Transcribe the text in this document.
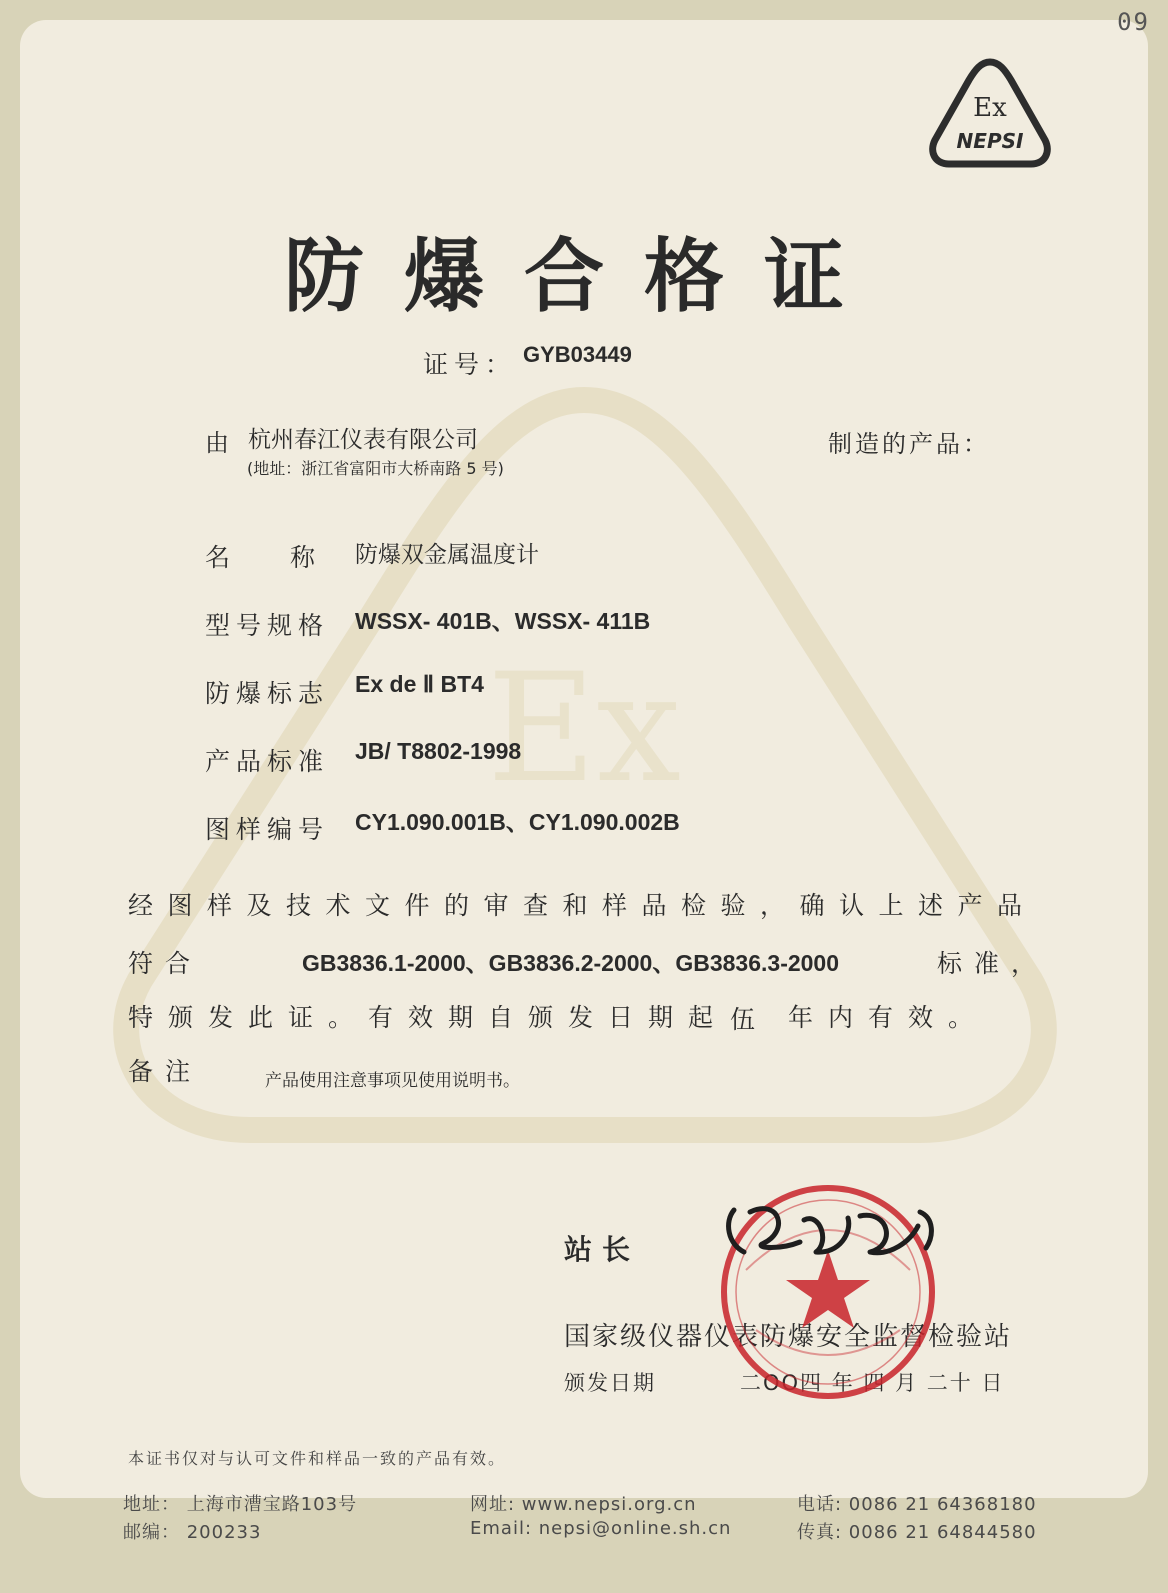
Ex
09
Ex
NEPSI
防爆合格证
证号： GYB03449
由 杭州春江仪表有限公司
(地址：浙江省富阳市大桥南路 5 号)
制造的产品：
名称
防爆双金属温度计
型号规格 WSSX- 401B、WSSX- 411B
防爆标志 Ex de Ⅱ BT4
产品标准 JB/ T8802-1998
图样编号 CY1.090.001B、CY1.090.002B
经图样及技术文件的审查和样品检验，确认上述产品
符合	GB3836.1-2000、GB3836.2-2000、GB3836.3-2000	标准，
特颁发此证。有效期自颁发日期起 伍 年内有效。
备注	产品使用注意事项见使用说明书。
站长
国家级仪器仪表防爆安全监督检验站
颁发日期	二OO四 年 四 月 二十 日
本证书仅对与认可文件和样品一致的产品有效。
地址： 上海市漕宝路103号
邮编： 200233
网址: www.nepsi.org.cn
Email: nepsi@online.sh.cn
电话: 0086 21 64368180
传真: 0086 21 64844580
